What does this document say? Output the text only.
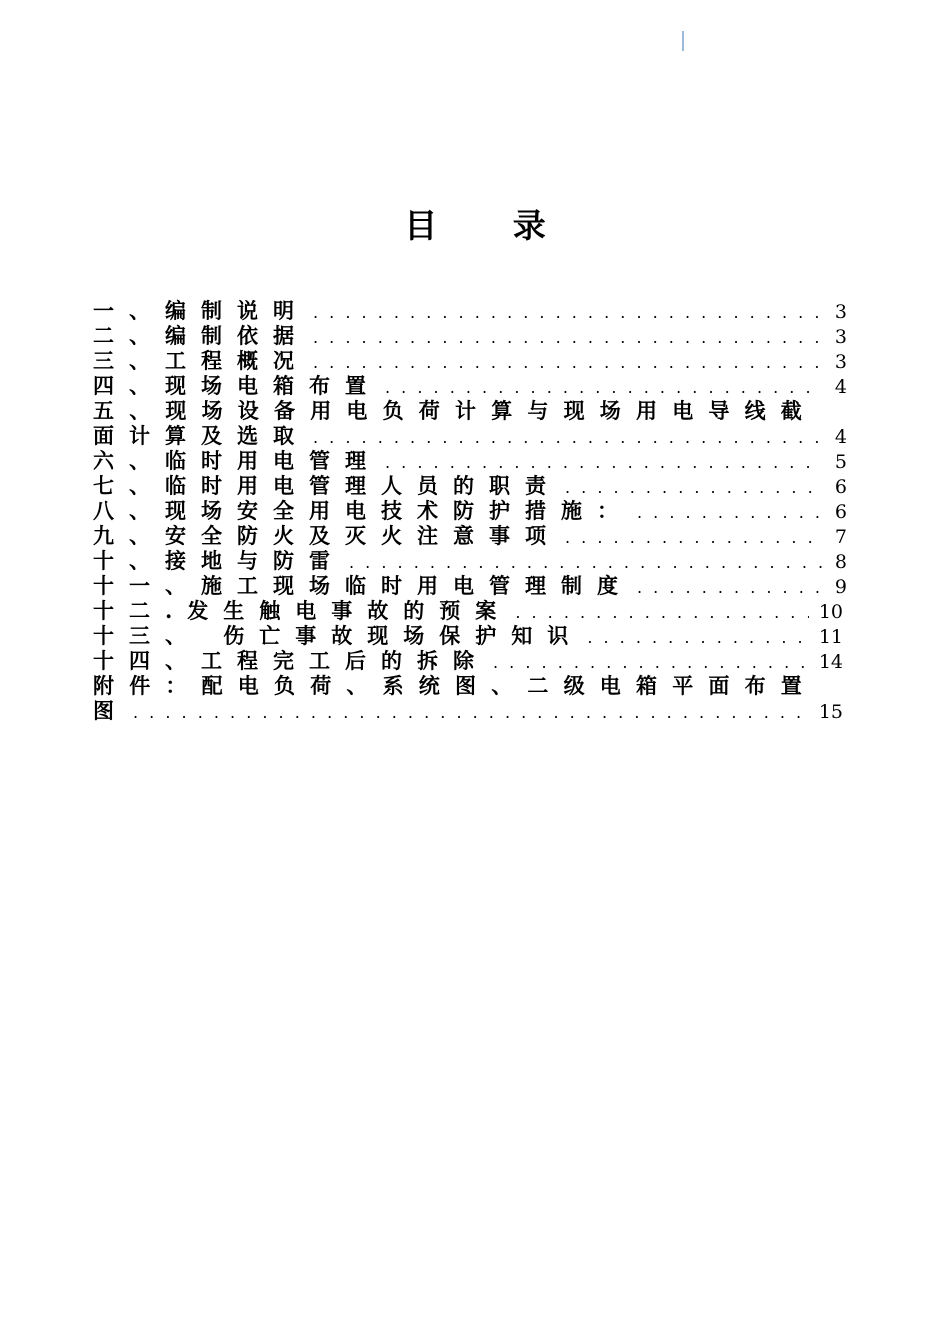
目 录
一、编制说明 . . .	3
二、编制依据 . . .	3
三、工程概况 . . .	3
四、现场电箱布置 . . .	4
五、现场设备用电负荷计算与现场用电导线截
面计算及选取 . . .	4
六、临时用电管理 . . .	5
七、临时用电管理人员的职责 . . .	6
八、现场安全用电技术防护措施： . . .	6
九、安全防火及灭火注意事项 . . .	7
十、接地与防雷 . . .	8
十一、施工现场临时用电管理制度 . . .	9
十二.发生触电事故的预案 . . .	10
十三、 伤亡事故现场保护知识 . . .	11
十四、工程完工后的拆除 . . .	14
附件：配电负荷、系统图、二级电箱平面布置
图 . . .	15
